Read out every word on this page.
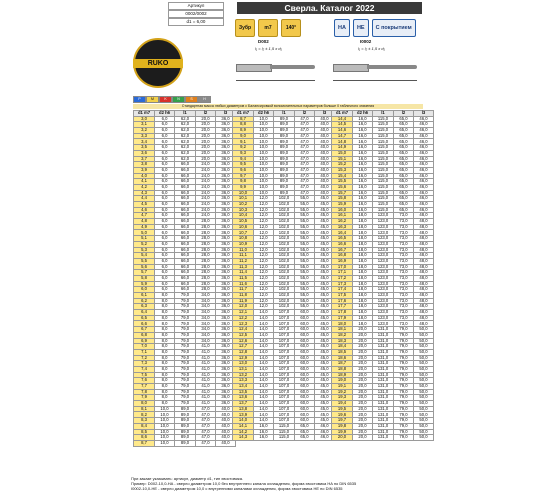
Сверла. Каталог 2022
Артикул
0002/0002
d1 = 6,00
RUKO
Зубр	m7	140°	HA	HE	С покрытием
D002	I0002
l₁ = l₂ ± 1,5 x d₁	l₁ = l₂ ± 1,5 x d₁
P	M	K	N	S	H
Стандартная масса любых диаметров с Балансировкой вспомогательных параметров больше 0 табличного значения
d1 m7	d2 h6	l1	l2	l3
3,0	6,0	62,0	20,0	36,0
3,1	6,0	62,0	20,0	36,0
3,2	6,0	62,0	20,0	36,0
3,3	6,0	62,0	20,0	36,0
3,4	6,0	62,0	20,0	36,0
3,5	6,0	62,0	20,0	36,0
3,6	6,0	62,0	20,0	36,0
3,7	6,0	62,0	20,0	36,0
3,8	6,0	66,0	24,0	36,0
3,9	6,0	66,0	24,0	36,0
4,0	6,0	66,0	24,0	36,0
4,1	6,0	66,0	24,0	36,0
4,2	6,0	66,0	24,0	36,0
4,3	6,0	66,0	24,0	36,0
4,4	6,0	66,0	24,0	36,0
4,5	6,0	66,0	24,0	36,0
4,6	6,0	66,0	24,0	36,0
4,7	6,0	66,0	24,0	36,0
4,8	6,0	66,0	28,0	36,0
4,9	6,0	66,0	28,0	36,0
5,0	6,0	66,0	28,0	36,0
5,1	6,0	66,0	28,0	36,0
5,2	6,0	66,0	28,0	36,0
5,3	6,0	66,0	28,0	36,0
5,4	6,0	66,0	28,0	36,0
5,5	6,0	66,0	28,0	36,0
5,6	6,0	66,0	28,0	36,0
5,7	6,0	66,0	28,0	36,0
5,8	6,0	66,0	28,0	36,0
5,9	6,0	66,0	28,0	36,0
6,0	6,0	66,0	28,0	36,0
6,1	8,0	79,0	34,0	36,0
6,2	8,0	79,0	34,0	36,0
6,3	8,0	79,0	34,0	36,0
6,4	8,0	79,0	34,0	36,0
6,5	8,0	79,0	34,0	36,0
6,6	8,0	79,0	34,0	36,0
6,7	8,0	79,0	34,0	36,0
6,8	8,0	79,0	34,0	36,0
6,9	8,0	79,0	34,0	36,0
7,0	8,0	79,0	41,0	36,0
7,1	8,0	79,0	41,0	36,0
7,2	8,0	79,0	41,0	36,0
7,3	8,0	79,0	41,0	36,0
7,4	8,0	79,0	41,0	36,0
7,5	8,0	79,0	41,0	36,0
7,6	8,0	79,0	41,0	36,0
7,7	8,0	79,0	41,0	36,0
7,8	8,0	79,0	41,0	36,0
7,9	8,0	79,0	41,0	36,0
8,0	8,0	79,0	41,0	36,0
8,1	10,0	89,0	47,0	40,0
8,2	10,0	89,0	47,0	40,0
8,3	10,0	89,0	47,0	40,0
8,4	10,0	89,0	47,0	40,0
8,5	10,0	89,0	47,0	40,0
8,6	10,0	89,0	47,0	40,0
8,7	10,0	89,0	47,0	40,0
d1 m7	d2 h6	l1	l2	l3
8,7	10,0	89,0	47,0	40,0
8,8	10,0	89,0	47,0	40,0
8,9	10,0	89,0	47,0	40,0
9,0	10,0	89,0	47,0	40,0
9,1	10,0	89,0	47,0	40,0
9,2	10,0	89,0	47,0	40,0
9,3	10,0	89,0	47,0	40,0
9,4	10,0	89,0	47,0	40,0
9,5	10,0	89,0	47,0	40,0
9,6	10,0	89,0	47,0	40,0
9,7	10,0	89,0	47,0	40,0
9,8	10,0	89,0	47,0	40,0
9,9	10,0	89,0	47,0	40,0
10,0	10,0	89,0	47,0	40,0
10,1	12,0	102,0	55,0	45,0
10,2	12,0	102,0	55,0	45,0
10,3	12,0	102,0	55,0	45,0
10,4	12,0	102,0	55,0	45,0
10,5	12,0	102,0	55,0	45,0
10,6	12,0	102,0	55,0	45,0
10,7	12,0	102,0	55,0	45,0
10,8	12,0	102,0	55,0	45,0
10,9	12,0	102,0	55,0	45,0
11,0	12,0	102,0	55,0	45,0
11,1	12,0	102,0	55,0	45,0
11,2	12,0	102,0	55,0	45,0
11,3	12,0	102,0	55,0	45,0
11,4	12,0	102,0	55,0	45,0
11,5	12,0	102,0	55,0	45,0
11,6	12,0	102,0	55,0	45,0
11,7	12,0	102,0	55,0	45,0
11,8	12,0	102,0	55,0	45,0
11,9	12,0	102,0	55,0	45,0
12,0	12,0	102,0	55,0	45,0
12,1	14,0	107,0	60,0	45,0
12,2	14,0	107,0	60,0	45,0
12,3	14,0	107,0	60,0	45,0
12,4	14,0	107,0	60,0	45,0
12,5	14,0	107,0	60,0	45,0
12,6	14,0	107,0	60,0	45,0
12,7	14,0	107,0	60,0	45,0
12,8	14,0	107,0	60,0	45,0
12,9	14,0	107,0	60,0	45,0
13,0	14,0	107,0	60,0	45,0
13,1	14,0	107,0	60,0	45,0
13,2	14,0	107,0	60,0	45,0
13,3	14,0	107,0	60,0	45,0
13,4	14,0	107,0	60,0	45,0
13,5	14,0	107,0	60,0	45,0
13,6	14,0	107,0	60,0	45,0
13,7	14,0	107,0	60,0	45,0
13,8	14,0	107,0	60,0	45,0
13,9	14,0	107,0	60,0	45,0
14,0	14,0	107,0	60,0	45,0
14,1	16,0	115,0	65,0	46,0
14,2	16,0	115,0	65,0	46,0
14,3	16,0	115,0	65,0	46,0
d1 m7	d2 h6	l1	l2	l3
14,4	16,0	115,0	65,0	46,0
14,5	16,0	115,0	65,0	46,0
14,6	16,0	115,0	65,0	46,0
14,7	16,0	115,0	65,0	46,0
14,8	16,0	115,0	65,0	46,0
14,9	16,0	115,0	65,0	46,0
15,0	16,0	115,0	65,0	46,0
15,1	16,0	115,0	65,0	46,0
15,2	16,0	115,0	65,0	46,0
15,3	16,0	115,0	65,0	46,0
15,4	16,0	115,0	65,0	46,0
15,5	16,0	115,0	65,0	46,0
15,6	16,0	115,0	65,0	46,0
15,7	16,0	115,0	65,0	46,0
15,8	16,0	115,0	65,0	46,0
15,9	16,0	115,0	65,0	46,0
16,0	16,0	115,0	65,0	46,0
16,1	18,0	123,0	73,0	48,0
16,2	18,0	123,0	73,0	48,0
16,3	18,0	123,0	73,0	48,0
16,4	18,0	123,0	73,0	48,0
16,5	18,0	123,0	73,0	48,0
16,6	18,0	123,0	73,0	48,0
16,7	18,0	123,0	73,0	48,0
16,8	18,0	123,0	73,0	48,0
16,9	18,0	123,0	73,0	48,0
17,0	18,0	123,0	73,0	48,0
17,1	18,0	123,0	73,0	48,0
17,2	18,0	123,0	73,0	48,0
17,3	18,0	123,0	73,0	48,0
17,4	18,0	123,0	73,0	48,0
17,5	18,0	123,0	73,0	48,0
17,6	18,0	123,0	73,0	48,0
17,7	18,0	123,0	73,0	48,0
17,8	18,0	123,0	73,0	48,0
17,9	18,0	123,0	73,0	48,0
18,0	18,0	123,0	73,0	48,0
18,1	20,0	131,0	79,0	50,0
18,2	20,0	131,0	79,0	50,0
18,3	20,0	131,0	79,0	50,0
18,4	20,0	131,0	79,0	50,0
18,5	20,0	131,0	79,0	50,0
18,6	20,0	131,0	79,0	50,0
18,7	20,0	131,0	79,0	50,0
18,8	20,0	131,0	79,0	50,0
18,9	20,0	131,0	79,0	50,0
19,0	20,0	131,0	79,0	50,0
19,1	20,0	131,0	79,0	50,0
19,2	20,0	131,0	79,0	50,0
19,3	20,0	131,0	79,0	50,0
19,4	20,0	131,0	79,0	50,0
19,5	20,0	131,0	79,0	50,0
19,6	20,0	131,0	79,0	50,0
19,7	20,0	131,0	79,0	50,0
19,8	20,0	131,0	79,0	50,0
19,9	20,0	131,0	79,0	50,0
20,0	20,0	131,0	79,0	50,0
При заказе указывать: артикул, диаметр d1, тип хвостовика.
Пример: D002-10,0-HA - сверло диаметром 10,0 без внутреннего канала охлаждения, форма хвостовика HA по DIN 6535
I0002-10,0-HE - сверло диаметром 10,0 с внутренними каналами охлаждения, форма хвостовика HE по DIN 6535
